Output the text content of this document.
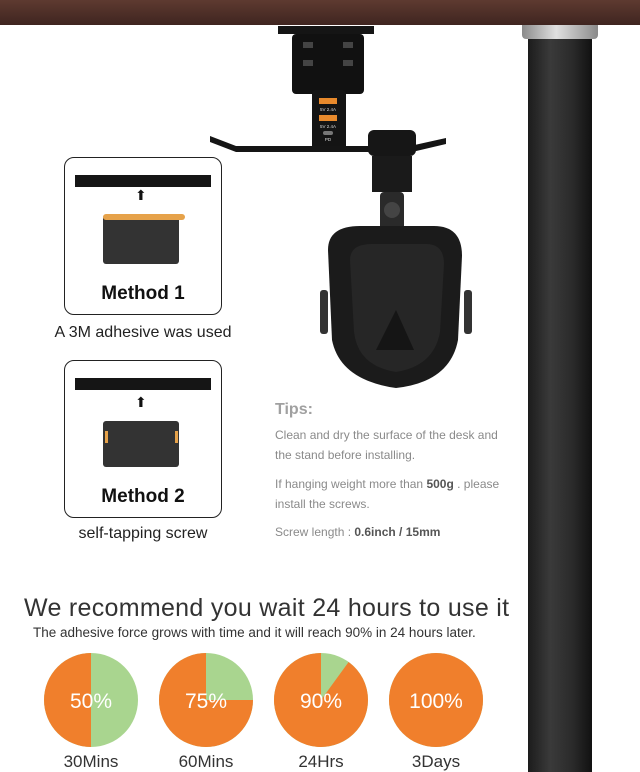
5V 2.4A
5V 2.4A
PD
⬆
Method 1
A 3M adhesive was used
⬆
Method 2
self-tapping screw
Tips:
Clean and dry the surface of the desk and
the stand before installing.
If hanging weight more than 500g . please
install the screws.
Screw length : 0.6inch / 15mm
We recommend you wait 24 hours to use it
The adhesive force grows with time and it will reach 90% in 24 hours later.
50%
30Mins
75%
60Mins
90%
24Hrs
100%
3Days
